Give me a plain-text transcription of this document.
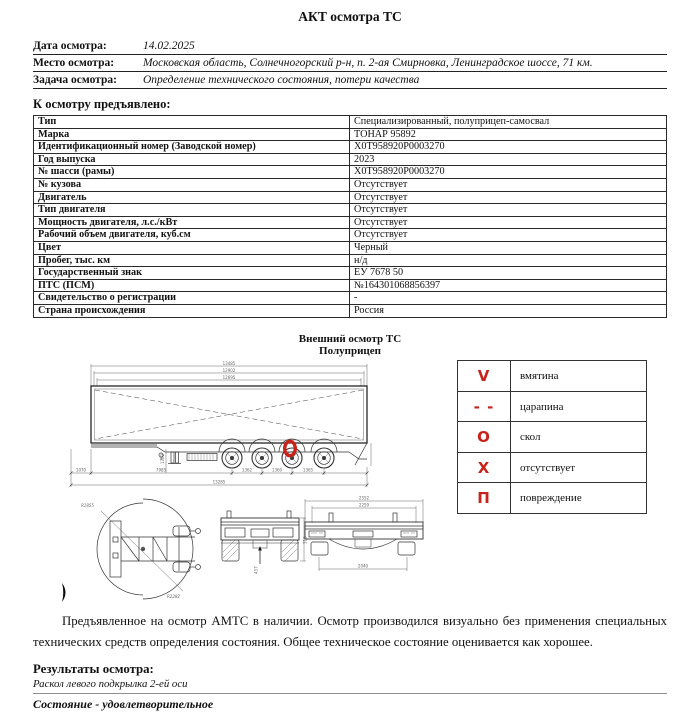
АКТ осмотра ТС
Дата осмотра:	14.02.2025
Место осмотра:	Московская область, Солнечногорский р-н, п. 2-ая Смирновка, Ленинградское шоссе, 71 км.
Задача осмотра:	Определение технического состояния, потери качества
К осмотру предъявлено:
Тип	Специализированный, полуприцеп-самосвал
Марка	ТОНАР 95892
Идентификационный номер (Заводской номер)	X0T958920P0003270
Год выпуска	2023
№ шасси (рамы)	X0T958920P0003270
№ кузова	Отсутствует
Двигатель	Отсутствует
Тип двигателя	Отсутствует
Мощность двигателя, л.с./кВт	Отсутствует
Рабочий объем двигателя, куб.см	Отсутствует
Цвет	Черный
Пробег, тыс. км	н/д
Государственный знак	ЕУ 7678 50
ПТС (ПСМ)	№164301068856397
Свидетельство о регистрации	-
Страна происхождения	Россия
Внешний осмотр ТС
Полуприцеп
13485
12902
12695
1070	7985	1362	1360	1365
13285
1382
V	вмятина
- -	царапина
О	скол
Х	отсутствует
П	повреждение
R1855
R2282
437
313
2552
2259
2040

Предъявленное на осмотр АМТС в наличии. Осмотр производился визуально без применения специальных технических средств определения состояния. Общее техническое состояние оценивается как хорошее.

Результаты осмотра:
Раскол левого подкрылка 2-ей оси
Состояние - удовлетворительное
